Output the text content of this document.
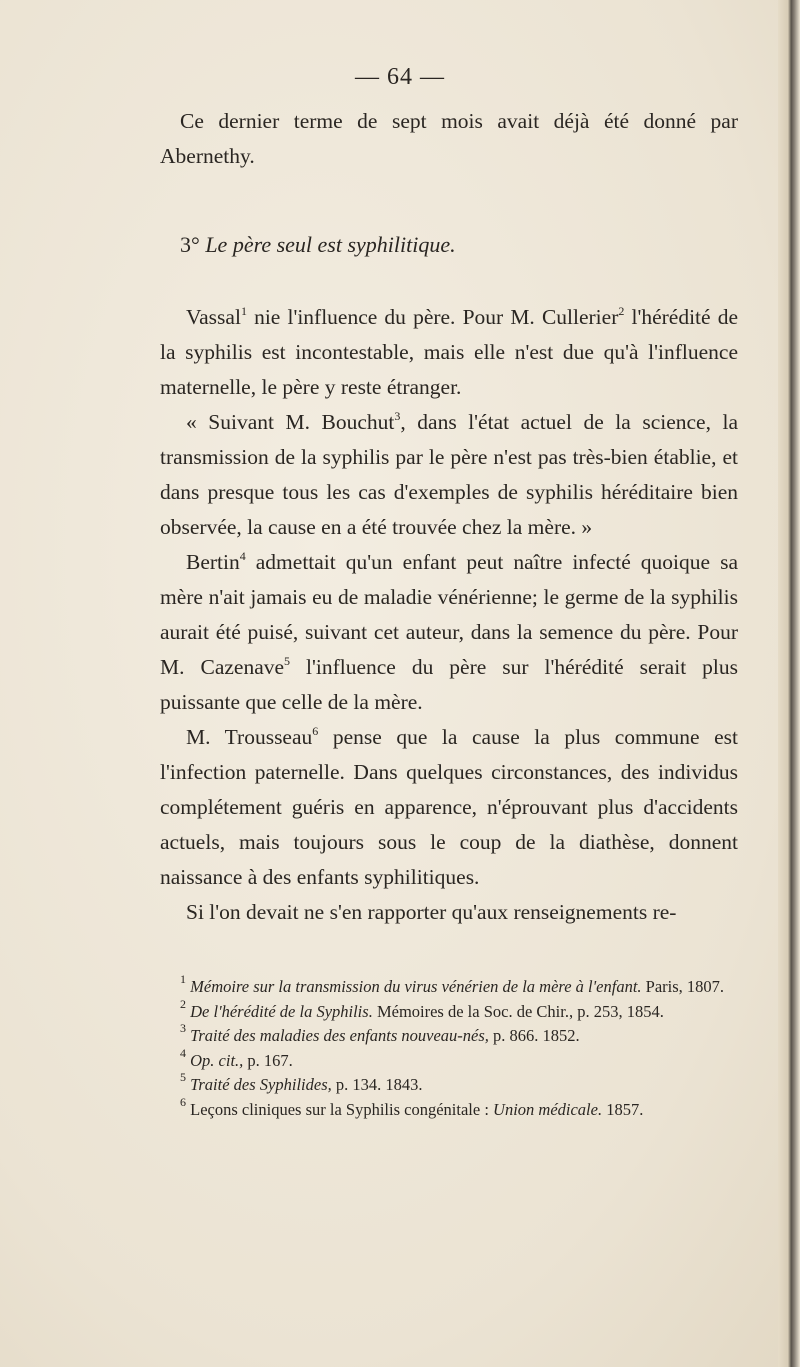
— 64 —

Ce dernier terme de sept mois avait déjà été donné par Abernethy.

3° Le père seul est syphilitique.

Vassal$^1$ nie l'influence du père. Pour M. Cullerier$^2$ l'hérédité de la syphilis est incontestable, mais elle n'est due qu'à l'influence maternelle, le père y reste étranger.

« Suivant M. Bouchut$^3$, dans l'état actuel de la science, la transmission de la syphilis par le père n'est pas très-bien établie, et dans presque tous les cas d'exemples de syphilis héréditaire bien observée, la cause en a été trouvée chez la mère. »

Bertin$^4$ admettait qu'un enfant peut naître infecté quoique sa mère n'ait jamais eu de maladie vénérienne; le germe de la syphilis aurait été puisé, suivant cet auteur, dans la semence du père. Pour M. Cazenave$^5$ l'influence du père sur l'hérédité serait plus puissante que celle de la mère.

M. Trousseau$^6$ pense que la cause la plus commune est l'infection paternelle. Dans quelques circonstances, des individus complétement guéris en apparence, n'éprouvant plus d'accidents actuels, mais toujours sous le coup de la diathèse, donnent naissance à des enfants syphilitiques.

Si l'on devait ne s'en rapporter qu'aux renseignements re-

$^1$ Mémoire sur la transmission du virus vénérien de la mère à l'enfant. Paris, 1807.
$^2$ De l'hérédité de la Syphilis. Mémoires de la Soc. de Chir., p. 253, 1854.
$^3$ Traité des maladies des enfants nouveau-nés, p. 866. 1852.
$^4$ Op. cit., p. 167.
$^5$ Traité des Syphilides, p. 134. 1843.
$^6$ Leçons cliniques sur la Syphilis congénitale : Union médicale. 1857.
